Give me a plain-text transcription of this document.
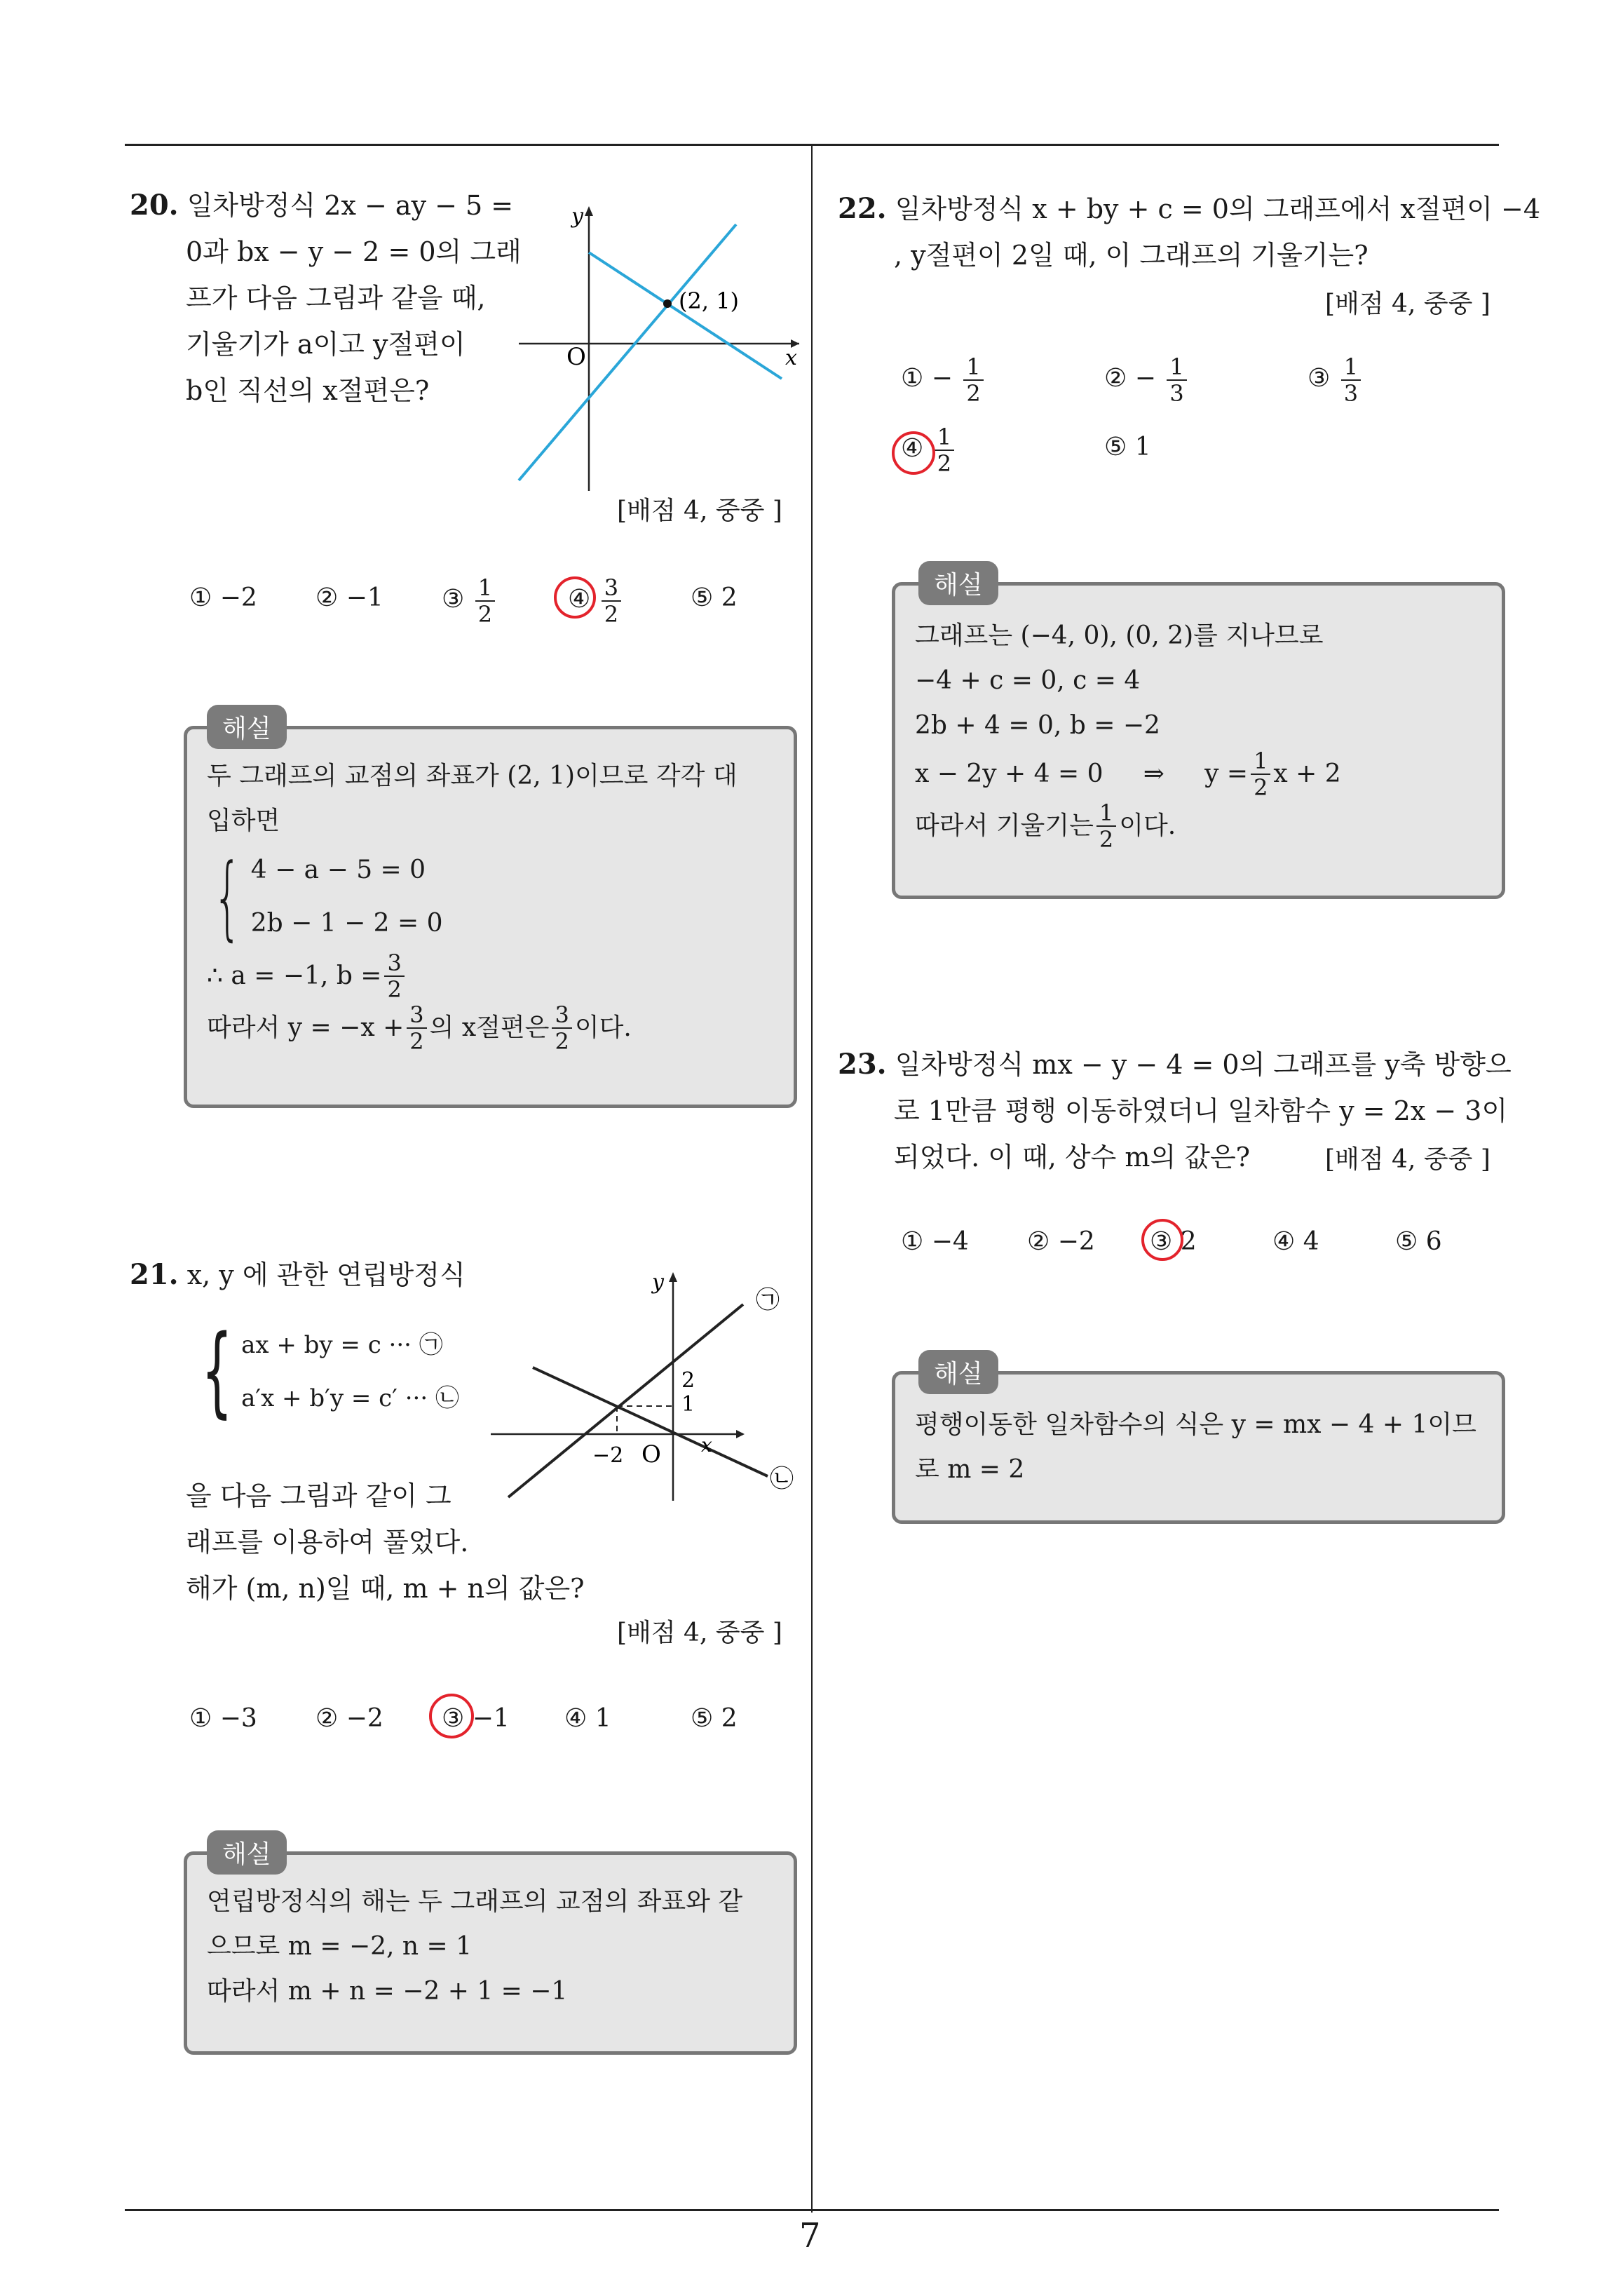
7
20. 일차방정식 2x − ay − 5 =
0과 bx − y − 2 = 0의 그래
프가 다음 그림과 같을 때,
기울기가 a이고 y절편이
b인 직선의 x절편은?
y
x
O
(2, 1)
[배점 4, 중중 ]
① −2 ② −1 ③ $\frac{1}{2}$	④ $\frac{3}{2}$	⑤ 2
해설
두 그래프의 교점의 좌표가 (2, 1)이므로 각각 대
입하면
{ 4 − a − 5 = 0
2b − 1 − 2 = 0
∴ a = −1, $b = \frac{3}{2}$
따라서 $y = -x + \frac{3}{2}$ 의 x절편은 $\frac{3}{2}$ 이다.
21. x, y 에 관한 연립방정식
{ ax + by = c ··· ㉠
a′x + b′y = c′ ··· ㉡
y
x
O
2
1
−2
㉠
㉡
을 다음 그림과 같이 그
래프를 이용하여 풀었다.
해가 (m, n)일 때, m + n의 값은?
[배점 4, 중중 ]
① −3 ② −2 ③ −1 ④ 1	⑤ 2
해설
연립방정식의 해는 두 그래프의 교점의 좌표와 같
으므로 m = −2, n = 1
따라서 m + n = −2 + 1 = −1
22. 일차방정식 x + by + c = 0의 그래프에서 x절편이 −4
, y절편이 2일 때, 이 그래프의 기울기는?
[배점 4, 중중 ]
① − $\frac{1}{2}$	② − $\frac{1}{3}$	③ $\frac{1}{3}$
④ $\frac{1}{2}$	⑤ 1
해설
그래프는 (−4, 0), (0, 2)를 지나므로
−4 + c = 0, c = 4
2b + 4 = 0, b = −2
x − 2y + 4 = 0     ⇒     $y = \frac{1}{2}$ x + 2
따라서 기울기는 $\frac{1}{2}$ 이다.
23. 일차방정식 mx − y − 4 = 0의 그래프를 y축 방향으
로 1만큼 평행 이동하였더니 일차함수 y = 2x − 3이
되었다. 이 때, 상수 m의 값은?	[배점 4, 중중 ]
① −4 ② −2 ③ 2	④ 4	⑤ 6
해설
평행이동한 일차함수의 식은 y = mx − 4 + 1이므
로 m = 2
